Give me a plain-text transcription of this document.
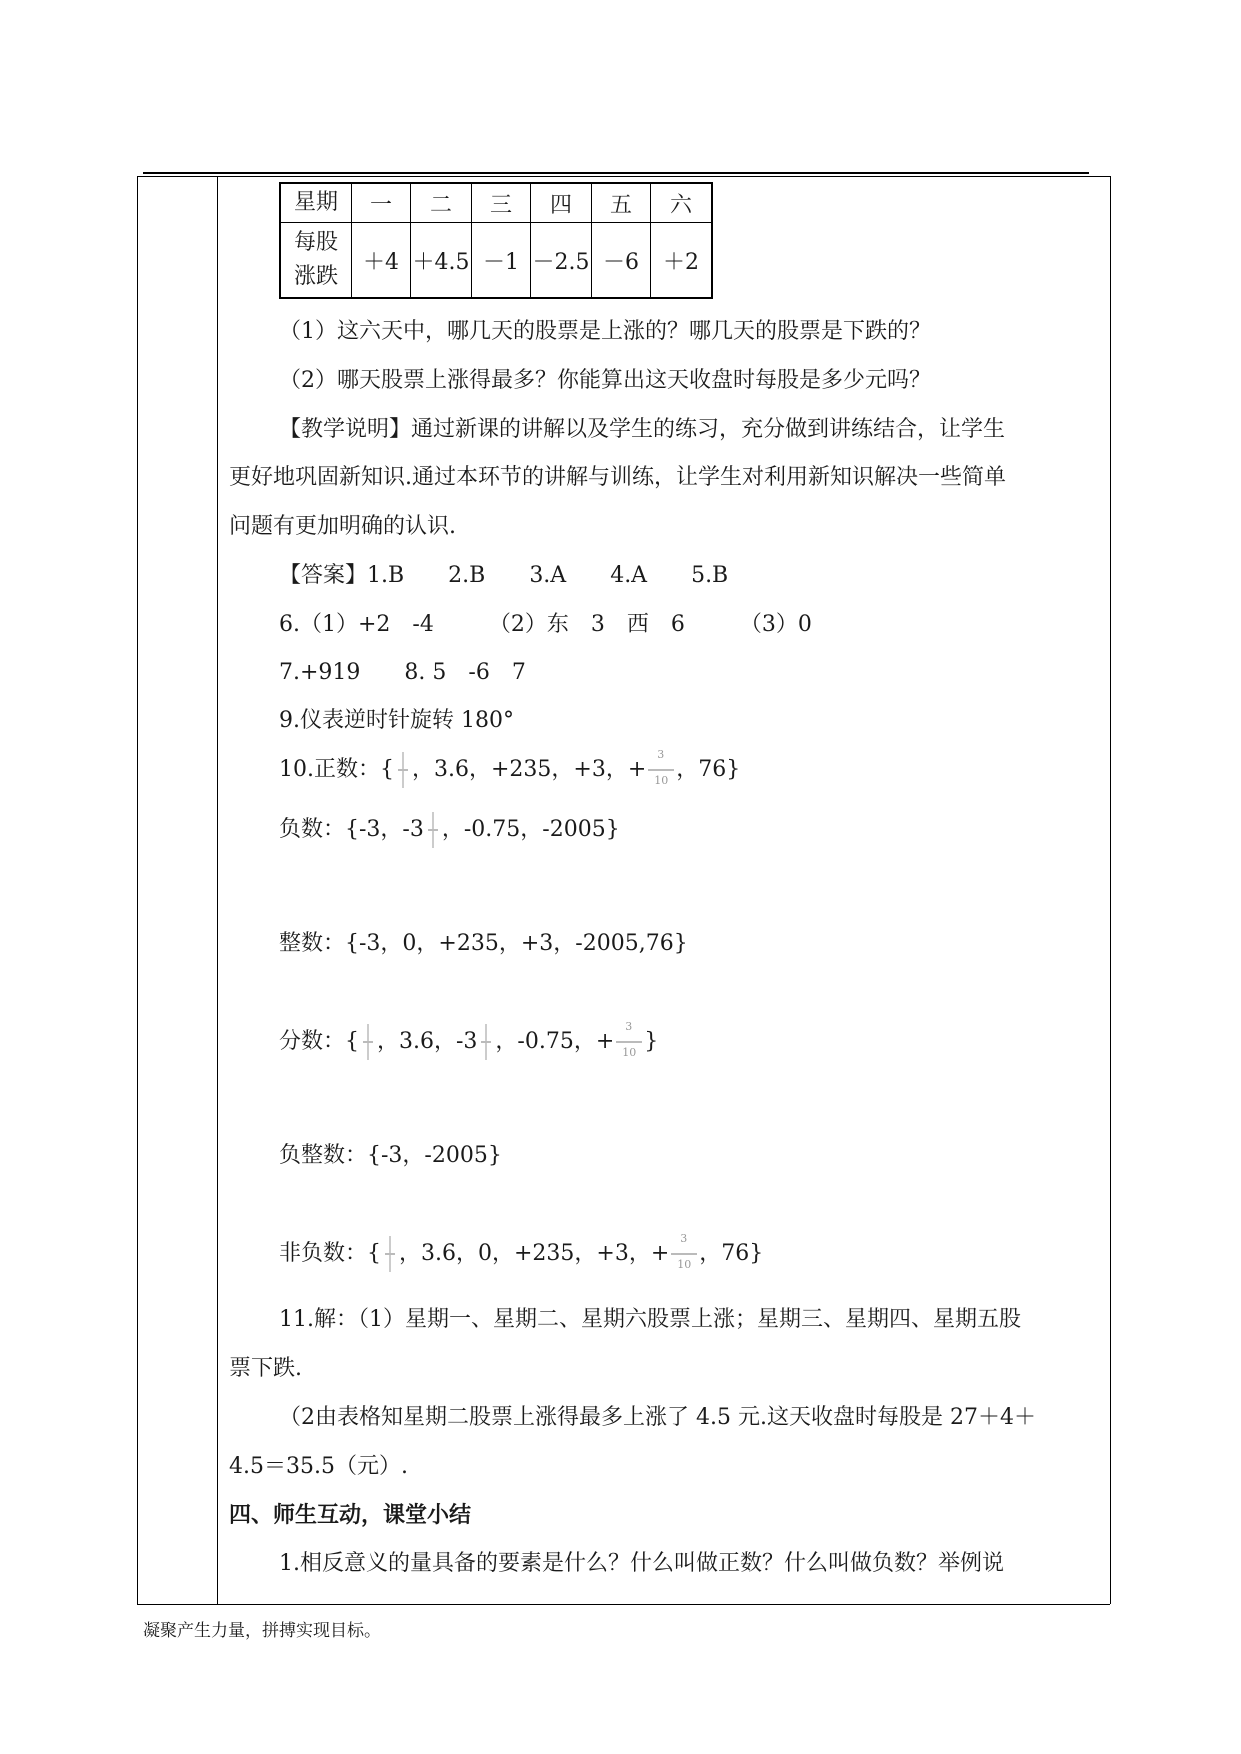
星期	一	二	三	四	五	六

每股
涨跌	＋4	＋4.5	－1	－2.5	－6	＋2
（1）这六天中，哪几天的股票是上涨的？哪几天的股票是下跌的？
（2）哪天股票上涨得最多？你能算出这天收盘时每股是多少元吗？
【教学说明】通过新课的讲解以及学生的练习，充分做到讲练结合，让学生
更好地巩固新知识.通过本环节的讲解与训练，让学生对利用新知识解决一些简单
问题有更加明确的认识.
【答案】1.B　　2.B　　3.A　　4.A　　5.B
6.（1）+2　-4　　　（2）东　3　西　6　　　（3）0
7.+919　　8. 5　-6　7
9.仪表逆时针旋转 180°
10.正数：{ ，3.6，+235，+3，+ $\frac{3}{10}$ ，76}
负数：{-3，-3 ，-0.75，-2005}
整数：{-3，0，+235，+3，-2005,76}
分数：{ ，3.6，-3 ，-0.75，+ $\frac{3}{10}$ }
负整数：{-3，-2005}
非负数：{ ，3.6，0，+235，+3，+ $\frac{3}{10}$ ，76}
11.解：（1）星期一、星期二、星期六股票上涨；星期三、星期四、星期五股
票下跌.
（2由表格知星期二股票上涨得最多上涨了 4.5 元.这天收盘时每股是 27＋4＋
4.5＝35.5（元）.
四、师生互动，课堂小结
1.相反意义的量具备的要素是什么？什么叫做正数？什么叫做负数？举例说
凝聚产生力量，拼搏实现目标。
